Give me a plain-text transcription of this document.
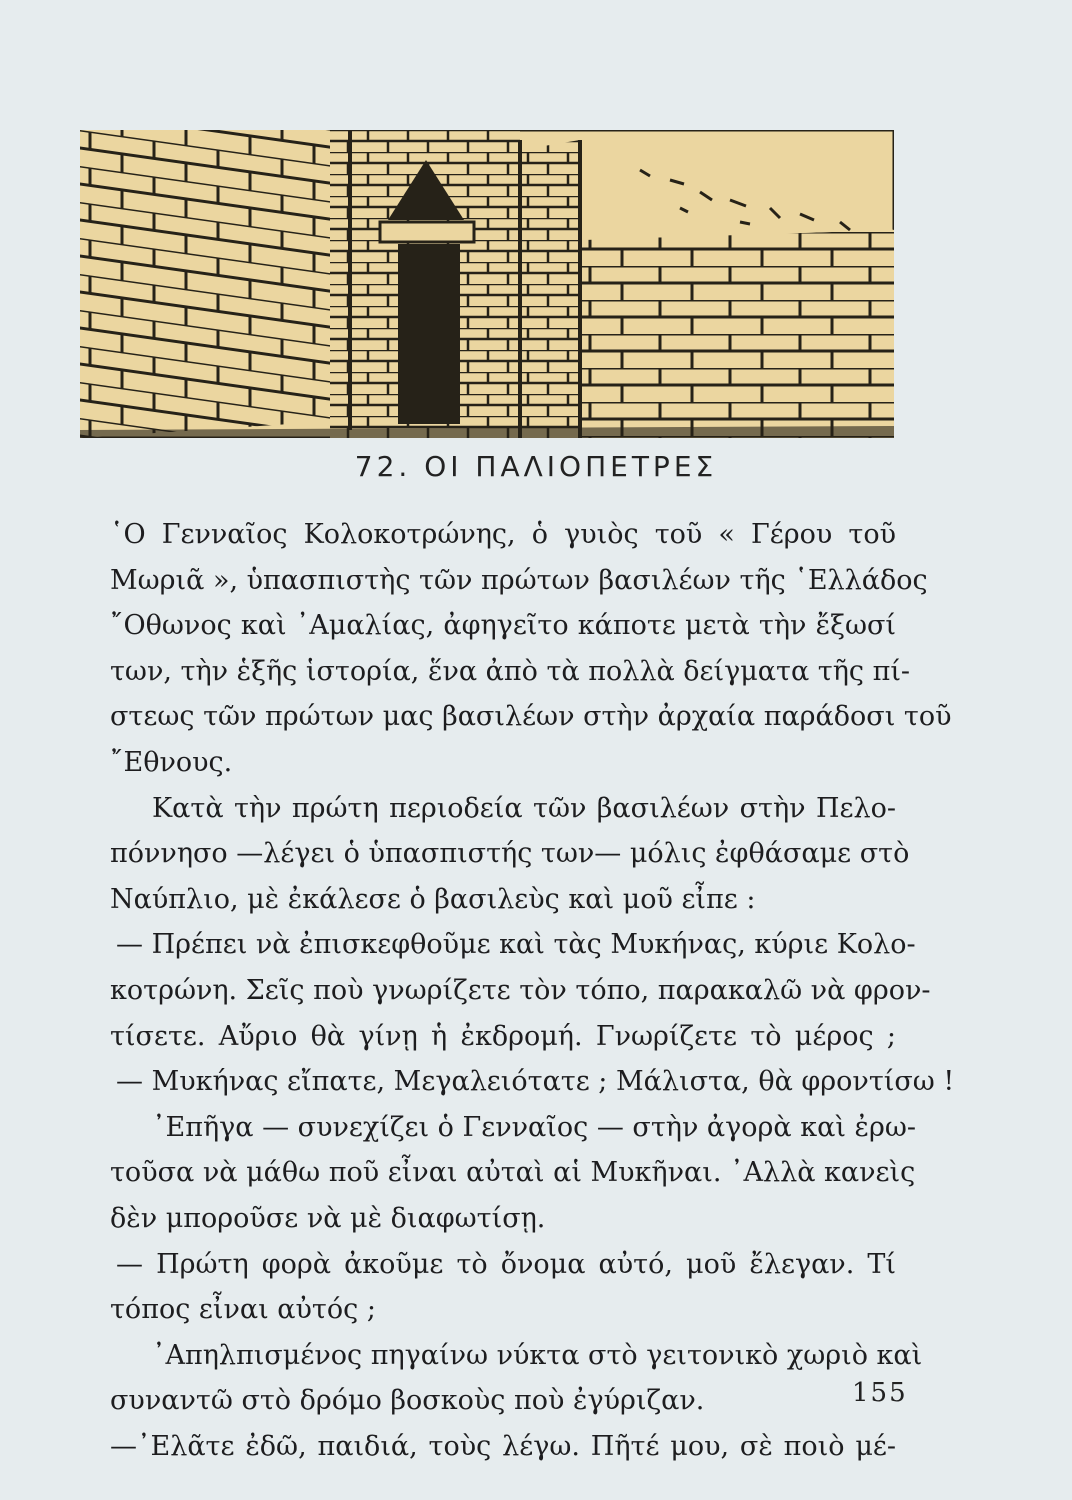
72. ΟΙ ΠΑΛΙΟΠΕΤΡΕΣ
῾Ο Γενναῖος Κολοκοτρώνης, ὁ γυιὸς τοῦ « Γέρου τοῦ
Μωριᾶ », ὑπασπιστὴς τῶν πρώτων βασιλέων τῆς ῾Ελλάδος
῎Οθωνος καὶ ᾿Αμαλίας, ἀφηγεῖτο κάποτε μετὰ τὴν ἔξωσί
των, τὴν ἑξῆς ἱστορία, ἕνα ἀπὸ τὰ πολλὰ δείγματα τῆς πί-
στεως τῶν πρώτων μας βασιλέων στὴν ἀρχαία παράδοσι τοῦ
῎Εθνους.
Κατὰ τὴν πρώτη περιοδεία τῶν βασιλέων στὴν Πελο-
πόννησο —λέγει ὁ ὑπασπιστής των— μόλις ἐφθάσαμε στὸ
Ναύπλιο, μὲ ἐκάλεσε ὁ βασιλεὺς καὶ μοῦ εἶπε :
— Πρέπει νὰ ἐπισκεφθοῦμε καὶ τὰς Μυκήνας, κύριε Κολο-
κοτρώνη. Σεῖς ποὺ γνωρίζετε τὸν τόπο, παρακαλῶ νὰ φρον-
τίσετε. Αὔριο θὰ γίνῃ ἡ ἐκδρομή. Γνωρίζετε τὸ μέρος ;
— Μυκήνας εἴπατε, Μεγαλειότατε ; Μάλιστα, θὰ φροντίσω !
᾿Επῆγα — συνεχίζει ὁ Γενναῖος — στὴν ἀγορὰ καὶ ἐρω-
τοῦσα νὰ μάθω ποῦ εἶναι αὐταὶ αἱ Μυκῆναι. ᾿Αλλὰ κανεὶς
δὲν μποροῦσε νὰ μὲ διαφωτίσῃ.
— Πρώτη φορὰ ἀκοῦμε τὸ ὄνομα αὐτό, μοῦ ἔλεγαν. Τί
τόπος εἶναι αὐτός ;
᾿Απηλπισμένος πηγαίνω νύκτα στὸ γειτονικὸ χωριὸ καὶ
συναντῶ στὸ δρόμο βοσκοὺς ποὺ ἐγύριζαν.
—᾿Ελᾶτε ἐδῶ, παιδιά, τοὺς λέγω. Πῆτέ μου, σὲ ποιὸ μέ-
155
